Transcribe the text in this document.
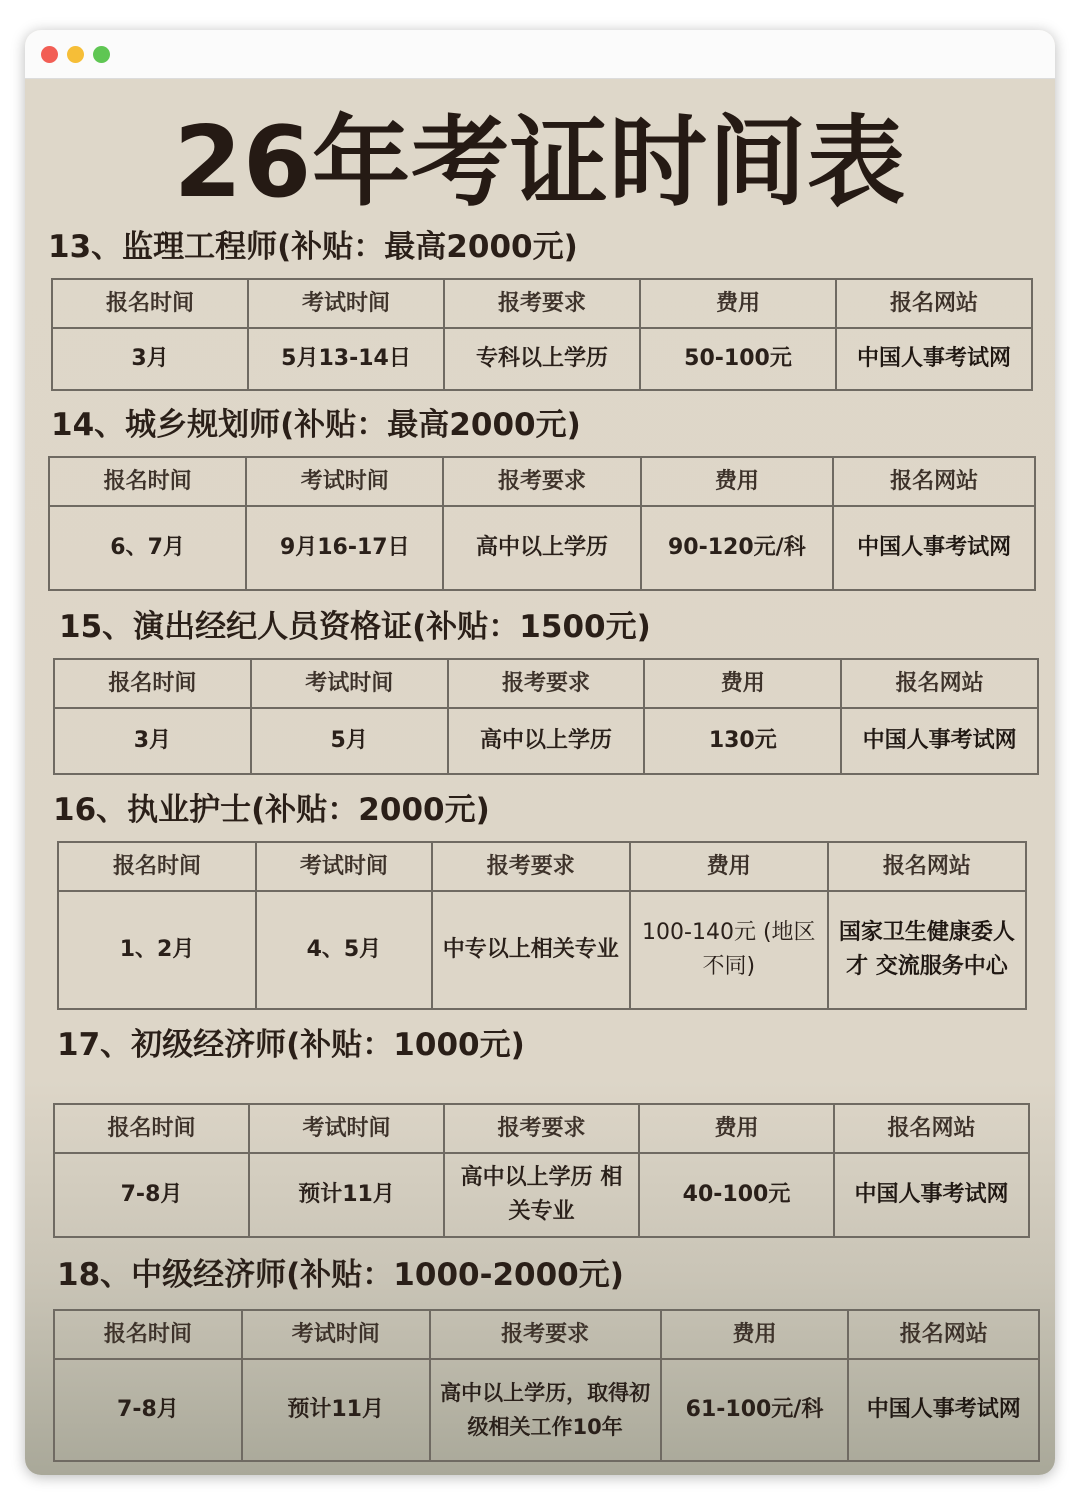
26年考证时间表
13、监理工程师(补贴：最高2000元)
报名时间	考试时间	报考要求	费用	报名网站
3月	5月13-14日	专科以上学历	50-100元	中国人事考试网
14、城乡规划师(补贴：最高2000元)
报名时间	考试时间	报考要求	费用	报名网站
6、7月	9月16-17日	高中以上学历	90-120元/科	中国人事考试网
15、演出经纪人员资格证(补贴：1500元)
报名时间	考试时间	报考要求	费用	报名网站
3月	5月	高中以上学历	130元	中国人事考试网
16、执业护士(补贴：2000元)
报名时间	考试时间	报考要求	费用	报名网站
1、2月	4、5月	中专以上相关专业	100-140元 (地区不同)	国家卫生健康委人才 交流服务中心
17、初级经济师(补贴：1000元)
报名时间	考试时间	报考要求	费用	报名网站
7-8月	预计11月	高中以上学历 相关专业	40-100元	中国人事考试网
18、中级经济师(补贴：1000-2000元)
报名时间	考试时间	报考要求	费用	报名网站
7-8月	预计11月	高中以上学历，取得初级相关工作10年	61-100元/科	中国人事考试网
